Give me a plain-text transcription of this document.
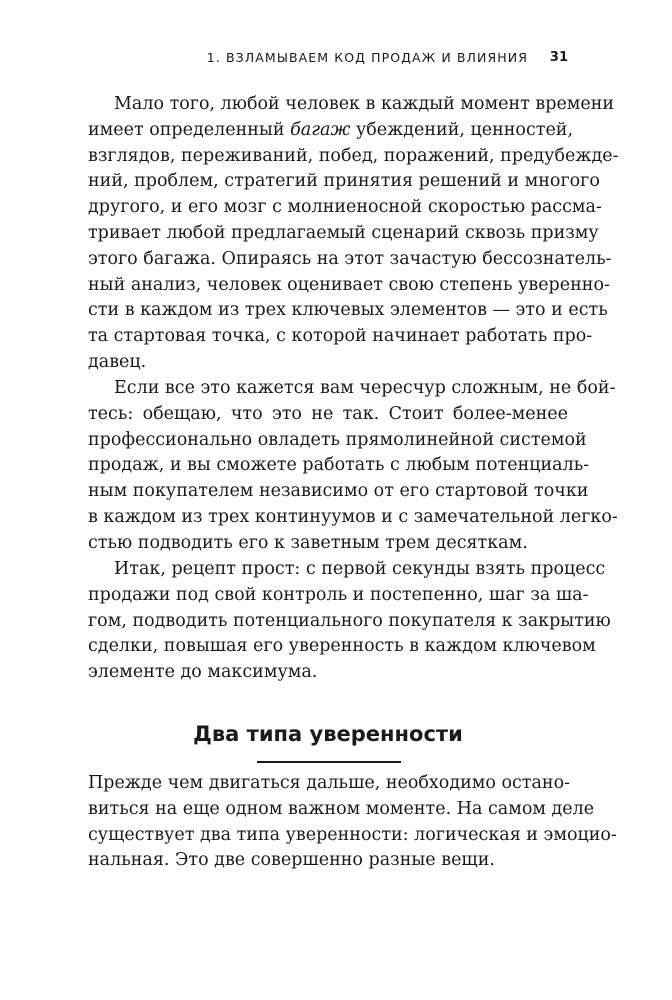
1. ВЗЛАМЫВАЕМ КОД ПРОДАЖ И ВЛИЯНИЯ 31
Мало того, любой человек в каждый момент времени
имеет определенный багаж убеждений, ценностей,
взглядов, переживаний, побед, поражений, предубежде-
ний, проблем, стратегий принятия решений и многого
другого, и его мозг с молниеносной скоростью рассма-
тривает любой предлагаемый сценарий сквозь призму
этого багажа. Опираясь на этот зачастую бессознатель-
ный анализ, человек оценивает свою степень уверенно-
сти в каждом из трех ключевых элементов — это и есть
та стартовая точка, с которой начинает работать про-
давец.
Если все это кажется вам чересчур сложным, не бой-
тесь: обещаю, что это не так. Стоит более-менее
профессионально овладеть прямолинейной системой
продаж, и вы сможете работать с любым потенциаль-
ным покупателем независимо от его стартовой точки
в каждом из трех континуумов и с замечательной легко-
стью подводить его к заветным трем десяткам.
Итак, рецепт прост: с первой секунды взять процесс
продажи под свой контроль и постепенно, шаг за ша-
гом, подводить потенциального покупателя к закрытию
сделки, повышая его уверенность в каждом ключевом
элементе до максимума.
Два типа уверенности
Прежде чем двигаться дальше, необходимо остано-
виться на еще одном важном моменте. На самом деле
существует два типа уверенности: логическая и эмоцио-
нальная. Это две совершенно разные вещи.
